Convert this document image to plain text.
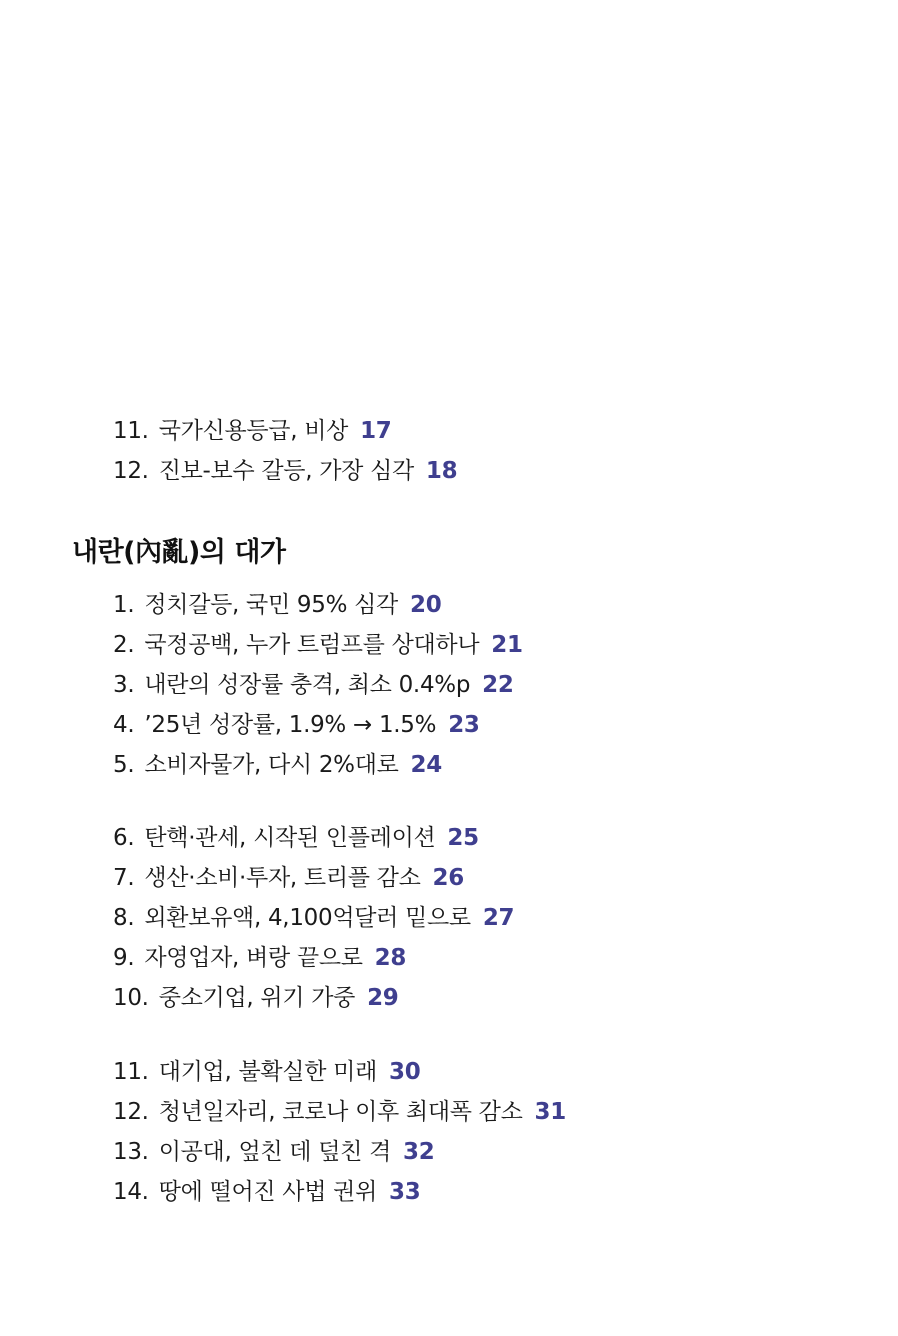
11. 국가신용등급, 비상 17
12. 진보-보수 갈등, 가장 심각 18
내란(內亂)의 대가
1. 정치갈등, 국민 95% 심각 20
2. 국정공백, 누가 트럼프를 상대하나 21
3. 내란의 성장률 충격, 최소 0.4%p 22
4. ’25년 성장률, 1.9% → 1.5% 23
5. 소비자물가, 다시 2%대로 24
6. 탄핵·관세, 시작된 인플레이션 25
7. 생산·소비·투자, 트리플 감소 26
8. 외환보유액, 4,100억달러 밑으로 27
9. 자영업자, 벼랑 끝으로 28
10. 중소기업, 위기 가중 29
11. 대기업, 불확실한 미래 30
12. 청년일자리, 코로나 이후 최대폭 감소 31
13. 이공대, 엎친 데 덮친 격 32
14. 땅에 떨어진 사법 권위 33
